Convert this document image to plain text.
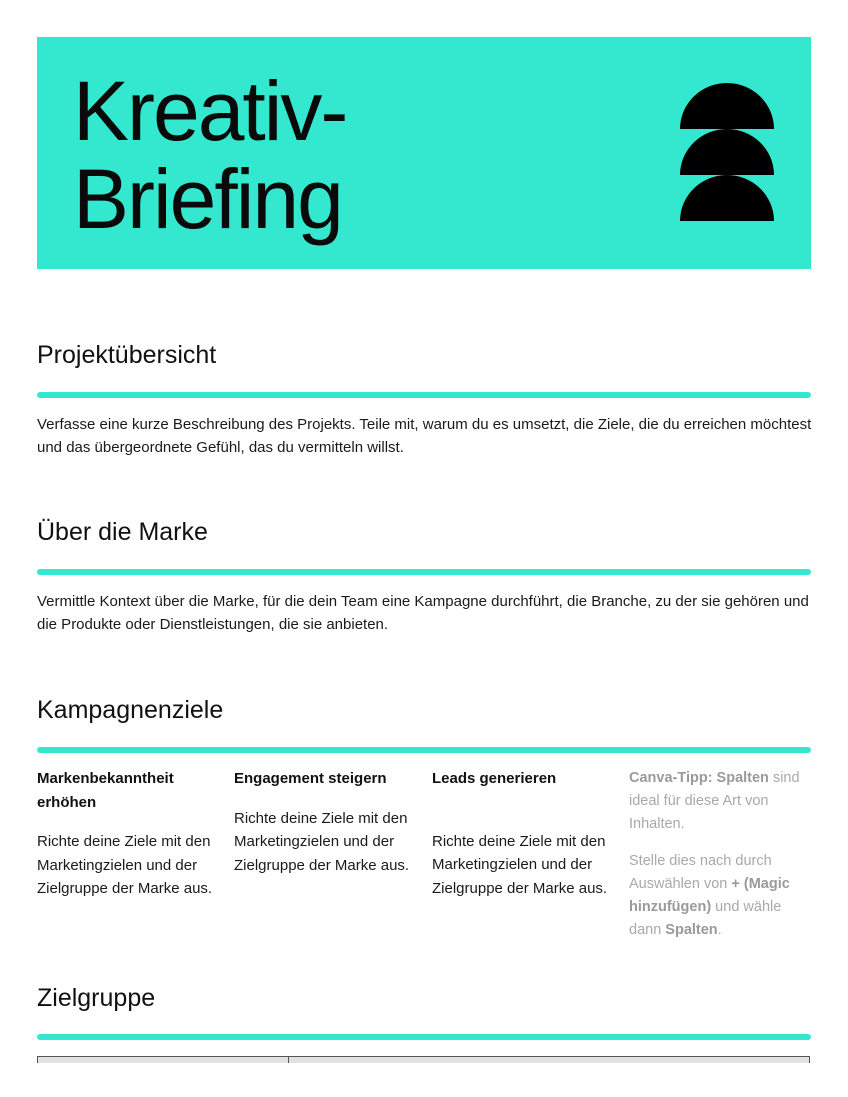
Kreativ-
Briefing
Projektübersicht

Verfasse eine kurze Beschreibung des Projekts. Teile mit, warum du es umsetzt, die Ziele, die du erreichen möchtest und das übergeordnete Gefühl, das du vermitteln willst.

Über die Marke

Vermittle Kontext über die Marke, für die dein Team eine Kampagne durchführt, die Branche, zu der sie gehören und die Produkte oder Dienstleistungen, die sie anbieten.

Kampagnenziele

Markenbekanntheit erhöhen

Richte deine Ziele mit den Marketingzielen und der Zielgruppe der Marke aus.

Engagement steigern

Richte deine Ziele mit den Marketingzielen und der Zielgruppe der Marke aus.

Leads generieren

Richte deine Ziele mit den Marketingzielen und der Zielgruppe der Marke aus.

Canva-Tipp: Spalten sind ideal für diese Art von Inhalten.

Stelle dies nach durch Auswählen von + (Magic hinzufügen) und wähle dann Spalten.

Zielgruppe
